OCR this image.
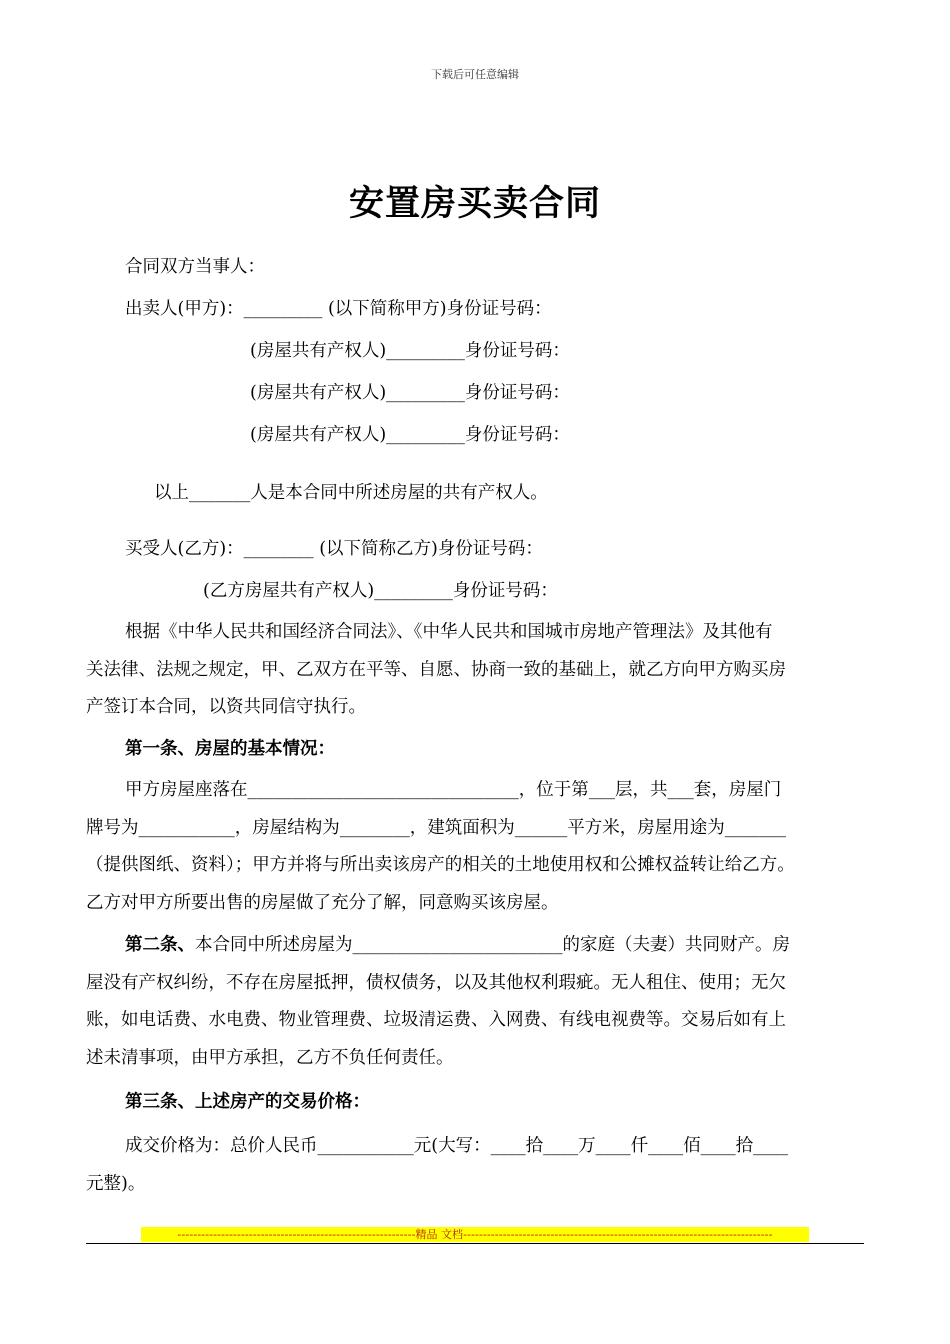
下载后可任意编辑
安置房买卖合同
合同双方当事人：
出卖人(甲方)：_________ (以下简称甲方)身份证号码：
(房屋共有产权人)_________身份证号码：
(房屋共有产权人)_________身份证号码：
(房屋共有产权人)_________身份证号码：
以上_______人是本合同中所述房屋的共有产权人。
买受人(乙方)：________ (以下简称乙方)身份证号码：
(乙方房屋共有产权人)_________身份证号码：
根据《中华人民共和国经济合同法》、《中华人民共和国城市房地产管理法》及其他有
关法律、法规之规定，甲、乙双方在平等、自愿、协商一致的基础上，就乙方向甲方购买房
产签订本合同，以资共同信守执行。
第一条、房屋的基本情况：
甲方房屋座落在_______________________________，位于第___层，共___套，房屋门
牌号为___________，房屋结构为________，建筑面积为______平方米，房屋用途为_______
（提供图纸、资料）；甲方并将与所出卖该房产的相关的土地使用权和公摊权益转让给乙方。
乙方对甲方所要出售的房屋做了充分了解，同意购买该房屋。
第二条、本合同中所述房屋为________________________的家庭（夫妻）共同财产。房
屋没有产权纠纷，不存在房屋抵押，债权债务，以及其他权利瑕疵。无人租住、使用；无欠
账，如电话费、水电费、物业管理费、垃圾清运费、入网费、有线电视费等。交易后如有上
述未清事项，由甲方承担，乙方不负任何责任。
第三条、上述房产的交易价格：
成交价格为：总价人民币___________元(大写：____拾____万____仟____佰____拾____
元整)。
------------------------------------------------------------精品 文档------------------------------------------------------------------------------
